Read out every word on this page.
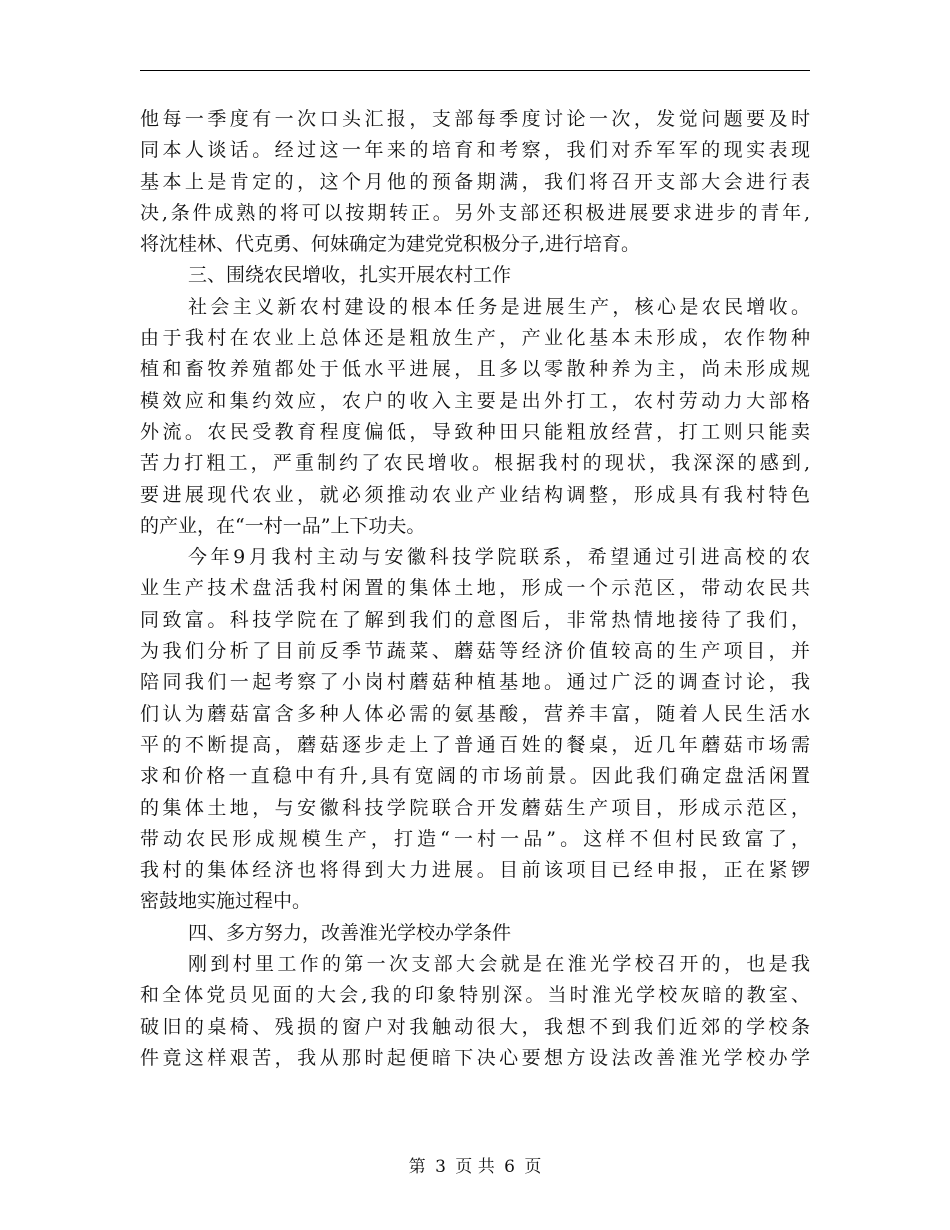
他每一季度有一次口头汇报，支部每季度讨论一次，发觉问题要及时
同本人谈话。经过这一年来的培育和考察，我们对乔军军的现实表现
基本上是肯定的，这个月他的预备期满，我们将召开支部大会进行表
决,条件成熟的将可以按期转正。另外支部还积极进展要求进步的青年,
将沈桂林、代克勇、何妹确定为建党党积极分子,进行培育。
三、围绕农民增收，扎实开展农村工作
社会主义新农村建设的根本任务是进展生产，核心是农民增收。
由于我村在农业上总体还是粗放生产，产业化基本未形成，农作物种
植和畜牧养殖都处于低水平进展，且多以零散种养为主，尚未形成规
模效应和集约效应，农户的收入主要是出外打工，农村劳动力大部格
外流。农民受教育程度偏低，导致种田只能粗放经营，打工则只能卖
苦力打粗工，严重制约了农民增收。根据我村的现状，我深深的感到,
要进展现代农业，就必须推动农业产业结构调整，形成具有我村特色
的产业，在“一村一品”上下功夫。
今年9月我村主动与安徽科技学院联系，希望通过引进高校的农
业生产技术盘活我村闲置的集体土地，形成一个示范区，带动农民共
同致富。科技学院在了解到我们的意图后，非常热情地接待了我们，
为我们分析了目前反季节蔬菜、蘑菇等经济价值较高的生产项目，并
陪同我们一起考察了小岗村蘑菇种植基地。通过广泛的调查讨论，我
们认为蘑菇富含多种人体必需的氨基酸，营养丰富，随着人民生活水
平的不断提高，蘑菇逐步走上了普通百姓的餐桌，近几年蘑菇市场需
求和价格一直稳中有升,具有宽阔的市场前景。因此我们确定盘活闲置
的集体土地，与安徽科技学院联合开发蘑菇生产项目，形成示范区，
带动农民形成规模生产，打造“一村一品”。这样不但村民致富了，
我村的集体经济也将得到大力进展。目前该项目已经申报，正在紧锣
密鼓地实施过程中。
四、多方努力，改善淮光学校办学条件
刚到村里工作的第一次支部大会就是在淮光学校召开的，也是我
和全体党员见面的大会,我的印象特别深。当时淮光学校灰暗的教室、
破旧的桌椅、残损的窗户对我触动很大，我想不到我们近郊的学校条
件竟这样艰苦，我从那时起便暗下决心要想方设法改善淮光学校办学
第 3 页 共 6 页
